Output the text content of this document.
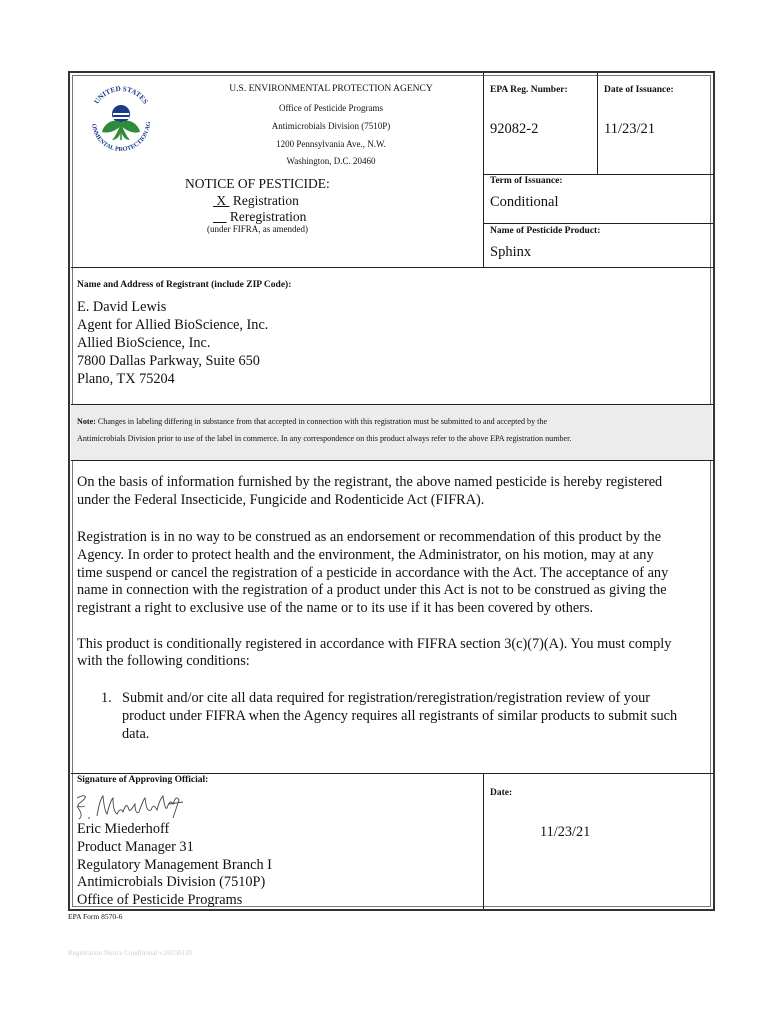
UNITED STATES
ONMENTAL PROTECTION AG
U.S. ENVIRONMENTAL PROTECTION AGENCY
Office of Pesticide Programs
Antimicrobials Division (7510P)
1200 Pennsylvania Ave., N.W.
Washington, D.C. 20460
NOTICE OF PESTICIDE:
X  Registration
Reregistration
(under FIFRA, as amended)
EPA Reg. Number:
92082-2
Date of Issuance:
11/23/21
Term of Issuance:
Conditional
Name of Pesticide Product:
Sphinx
Name and Address of Registrant (include ZIP Code):
E. David Lewis
Agent for Allied BioScience, Inc.
Allied BioScience, Inc.
7800 Dallas Parkway, Suite 650
Plano, TX 75204
Note: Changes in labeling differing in substance from that accepted in connection with this registration must be submitted to and accepted by the
Antimicrobials Division prior to use of the label in commerce. In any correspondence on this product always refer to the above EPA registration number.
On the basis of information furnished by the registrant, the above named pesticide is hereby registered
under the Federal Insecticide, Fungicide and Rodenticide Act (FIFRA).
Registration is in no way to be construed as an endorsement or recommendation of this product by the
Agency. In order to protect health and the environment, the Administrator, on his motion, may at any
time suspend or cancel the registration of a pesticide in accordance with the Act. The acceptance of any
name in connection with the registration of a product under this Act is not to be construed as giving the
registrant a right to exclusive use of the name or to its use if it has been covered by others.
This product is conditionally registered in accordance with FIFRA section 3(c)(7)(A). You must comply
with the following conditions:
1. Submit and/or cite all data required for registration/reregistration/registration review of your
product under FIFRA when the Agency requires all registrants of similar products to submit such
data.
Signature of Approving Official:
Eric Miederhoff
Product Manager 31
Regulatory Management Branch I
Antimicrobials Division (7510P)
Office of Pesticide Programs
Date:
11/23/21
EPA Form 8570-6
Registration Notice Conditional v.20150130
